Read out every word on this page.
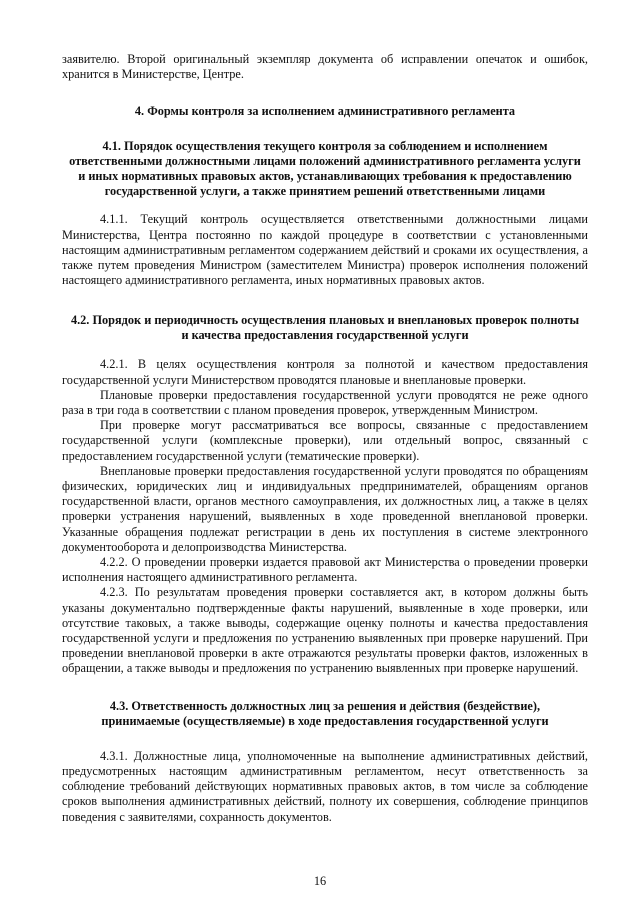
заявителю. Второй оригинальный экземпляр документа об исправлении опечаток и ошибок, хранится в Министерстве, Центре.

4. Формы контроля за исполнением административного регламента
4.1. Порядок осуществления текущего контроля за соблюдением и исполнением ответственными должностными лицами положений административного регламента услуги и иных нормативных правовых актов, устанавливающих требования к предоставлению государственной услуги, а также принятием решений ответственными лицами

4.1.1. Текущий контроль осуществляется ответственными должностными лицами Министерства, Центра постоянно по каждой процедуре в соответствии с установленными настоящим административным регламентом содержанием действий и сроками их осуществления, а также путем проведения Министром (заместителем Министра) проверок исполнения положений настоящего административного регламента, иных нормативных правовых актов.

4.2. Порядок и периодичность осуществления плановых и внеплановых проверок полноты и качества предоставления государственной услуги

4.2.1. В целях осуществления контроля за полнотой и качеством предоставления государственной услуги Министерством проводятся плановые и внеплановые проверки.

Плановые проверки предоставления государственной услуги проводятся не реже одного раза в три года в соответствии с планом проведения проверок, утвержденным Министром.

При проверке могут рассматриваться все вопросы, связанные с предоставлением государственной услуги (комплексные проверки), или отдельный вопрос, связанный с предоставлением государственной услуги (тематические проверки).

Внеплановые проверки предоставления государственной услуги проводятся по обращениям физических, юридических лиц и индивидуальных предпринимателей, обращениям органов государственной власти, органов местного самоуправления, их должностных лиц, а также в целях проверки устранения нарушений, выявленных в ходе проведенной внеплановой проверки. Указанные обращения подлежат регистрации в день их поступления в системе электронного документооборота и делопроизводства Министерства.

4.2.2. О проведении проверки издается правовой акт Министерства о проведении проверки исполнения настоящего административного регламента.

4.2.3. По результатам проведения проверки составляется акт, в котором должны быть указаны документально подтвержденные факты нарушений, выявленные в ходе проверки, или отсутствие таковых, а также выводы, содержащие оценку полноты и качества предоставления государственной услуги и предложения по устранению выявленных при проверке нарушений. При проведении внеплановой проверки в акте отражаются результаты проверки фактов, изложенных в обращении, а также выводы и предложения по устранению выявленных при проверке нарушений.

4.3. Ответственность должностных лиц за решения и действия (бездействие), принимаемые (осуществляемые) в ходе предоставления государственной услуги

4.3.1. Должностные лица, уполномоченные на выполнение административных действий, предусмотренных настоящим административным регламентом, несут ответственность за соблюдение требований действующих нормативных правовых актов, в том числе за соблюдение сроков выполнения административных действий, полноту их совершения, соблюдение принципов поведения с заявителями, сохранность документов.

16
